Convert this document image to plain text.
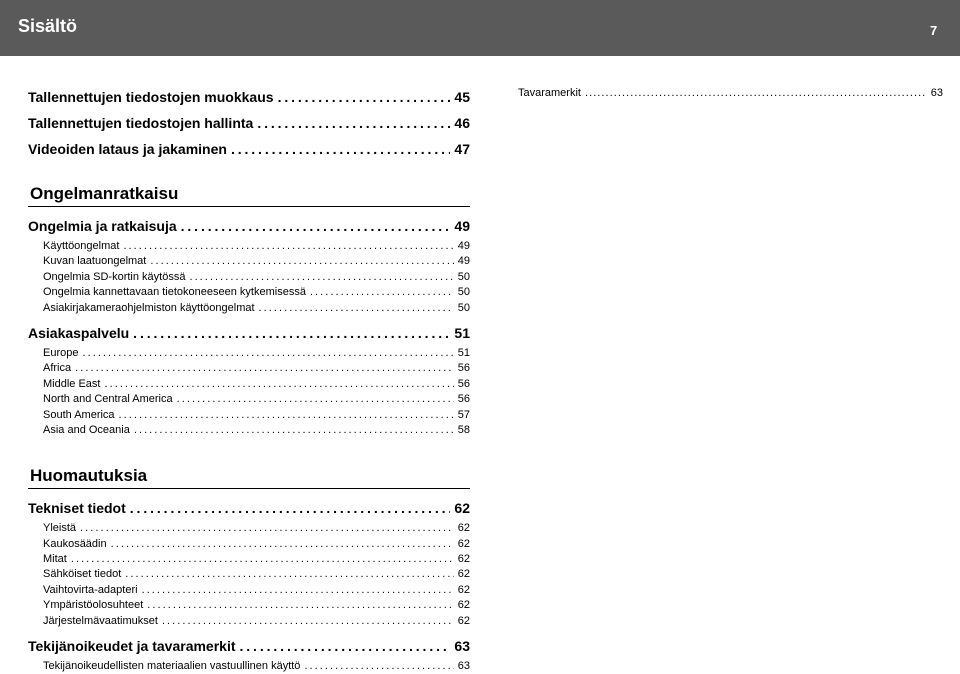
Sisältö	7
Tallennettujen tiedostojen muokkaus . . .	45
Tallennettujen tiedostojen hallinta . . .	46
Videoiden lataus ja jakaminen . . .	47
Ongelmanratkaisu
Ongelmia ja ratkaisuja . . .	49
Käyttöongelmat . . .	49
Kuvan laatuongelmat . . .	49
Ongelmia SD-kortin käytössä . . .	50
Ongelmia kannettavaan tietokoneeseen kytkemisessä . . .	50
Asiakirjakameraohjelmiston käyttöongelmat . . .	50
Asiakaspalvelu . . .	51
Europe . . .	51
Africa . . .	56
Middle East . . .	56
North and Central America . . .	56
South America . . .	57
Asia and Oceania . . .	58
Huomautuksia
Tekniset tiedot . . .	62
Yleistä . . .	62
Kaukosäädin . . .	62
Mitat . . .	62
Sähköiset tiedot . . .	62
Vaihtovirta-adapteri . . .	62
Ympäristöolosuhteet . . .	62
Järjestelmävaatimukset . . .	62
Tekijänoikeudet ja tavaramerkit . . .	63
Tekijänoikeudellisten materiaalien vastuullinen käyttö . . .	63
Tavaramerkit . . .	63
